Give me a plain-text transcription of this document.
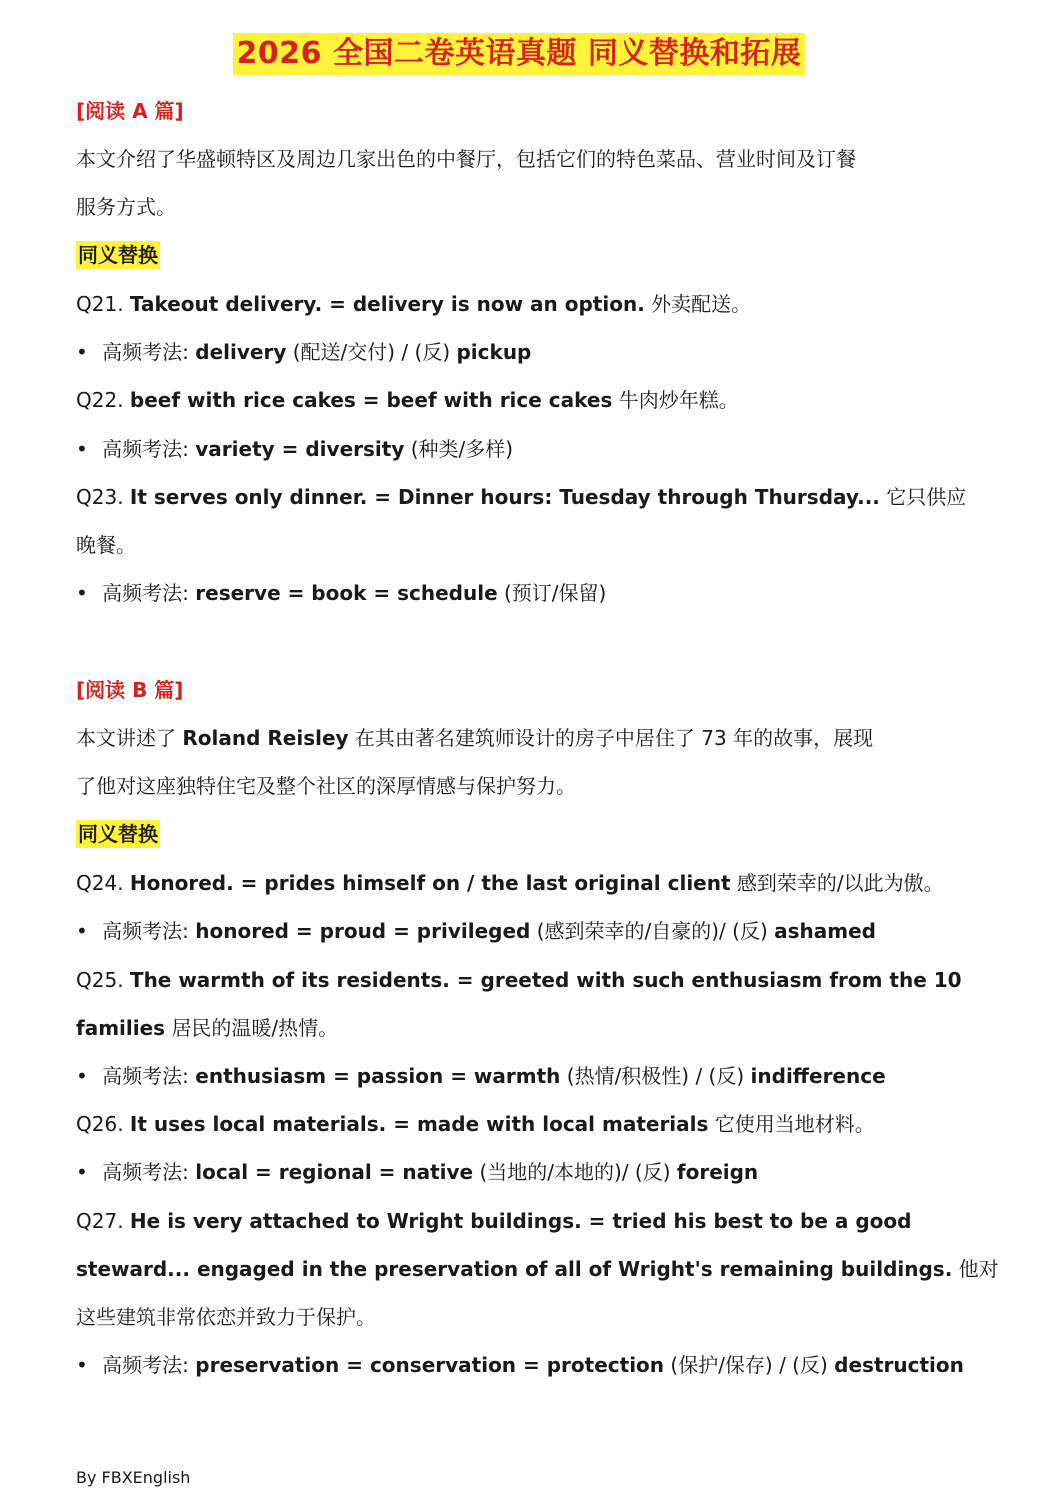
2026 全国二卷英语真题 同义替换和拓展
[阅读 A 篇]
本文介绍了华盛顿特区及周边几家出色的中餐厅，包括它们的特色菜品、营业时间及订餐
服务方式。
同义替换
Q21. Takeout delivery. = delivery is now an option. 外卖配送。
• 高频考法: delivery (配送/交付) / (反) pickup
Q22. beef with rice cakes = beef with rice cakes 牛肉炒年糕。
• 高频考法: variety = diversity (种类/多样)
Q23. It serves only dinner. = Dinner hours: Tuesday through Thursday... 它只供应
晚餐。
• 高频考法: reserve = book = schedule (预订/保留)
[阅读 B 篇]
本文讲述了 Roland Reisley 在其由著名建筑师设计的房子中居住了 73 年的故事，展现
了他对这座独特住宅及整个社区的深厚情感与保护努力。
同义替换
Q24. Honored. = prides himself on / the last original client 感到荣幸的/以此为傲。
• 高频考法: honored = proud = privileged (感到荣幸的/自豪的)/ (反) ashamed
Q25. The warmth of its residents. = greeted with such enthusiasm from the 10
families 居民的温暖/热情。
• 高频考法: enthusiasm = passion = warmth (热情/积极性) / (反) indifference
Q26. It uses local materials. = made with local materials 它使用当地材料。
• 高频考法: local = regional = native (当地的/本地的)/ (反) foreign
Q27. He is very attached to Wright buildings. = tried his best to be a good
steward... engaged in the preservation of all of Wright's remaining buildings. 他对
这些建筑非常依恋并致力于保护。
• 高频考法: preservation = conservation = protection (保护/保存) / (反) destruction
By FBXEnglish
